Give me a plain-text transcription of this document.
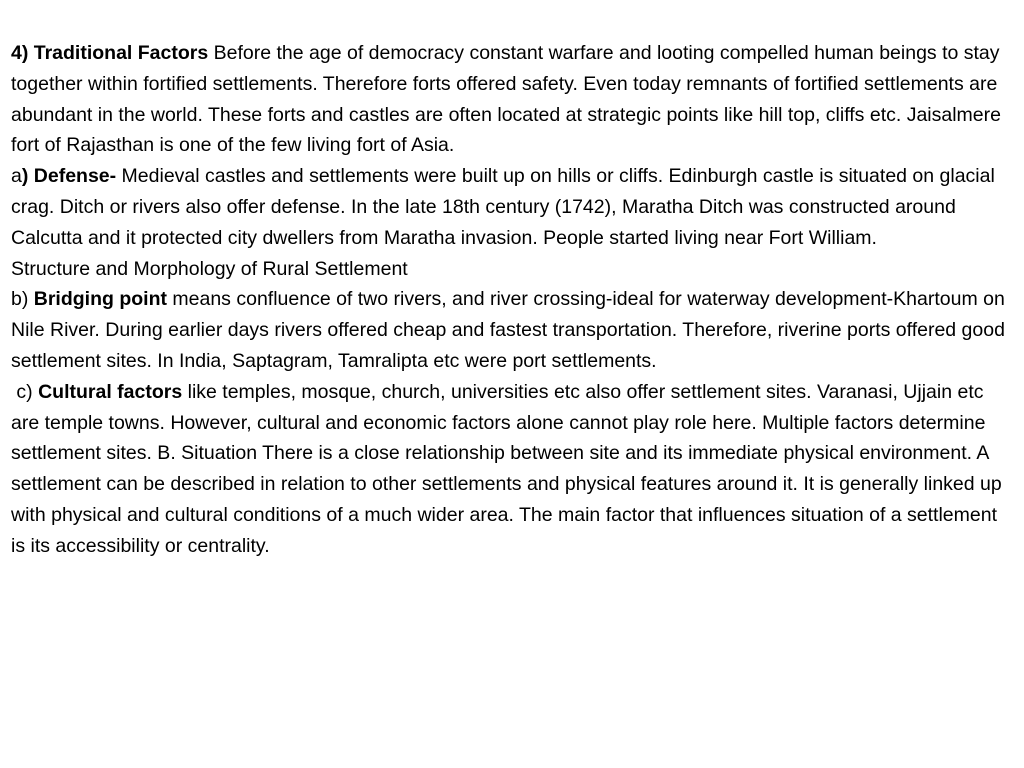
4) Traditional Factors Before the age of democracy constant warfare and looting compelled human beings to stay together within fortified settlements. Therefore forts offered safety. Even today remnants of fortified settlements are abundant in the world. These forts and castles are often located at strategic points like hill top, cliffs etc. Jaisalmere fort of Rajasthan is one of the few living fort of Asia.

a) Defense- Medieval castles and settlements were built up on hills or cliffs. Edinburgh castle is situated on glacial crag. Ditch or rivers also offer defense. In the late 18th century (1742), Maratha Ditch was constructed around Calcutta and it protected city dwellers from Maratha invasion. People started living near Fort William.

Structure and Morphology of Rural Settlement

b) Bridging point means confluence of two rivers, and river crossing-ideal for waterway development-Khartoum on Nile River. During earlier days rivers offered cheap and fastest transportation. Therefore, riverine ports offered good settlement sites. In India, Saptagram, Tamralipta etc were port settlements.

c) Cultural factors like temples, mosque, church, universities etc also offer settlement sites. Varanasi, Ujjain etc are temple towns. However, cultural and economic factors alone cannot play role here. Multiple factors determine settlement sites. B. Situation There is a close relationship between site and its immediate physical environment. A settlement can be described in relation to other settlements and physical features around it. It is generally linked up with physical and cultural conditions of a much wider area. The main factor that influences situation of a settlement is its accessibility or centrality.
